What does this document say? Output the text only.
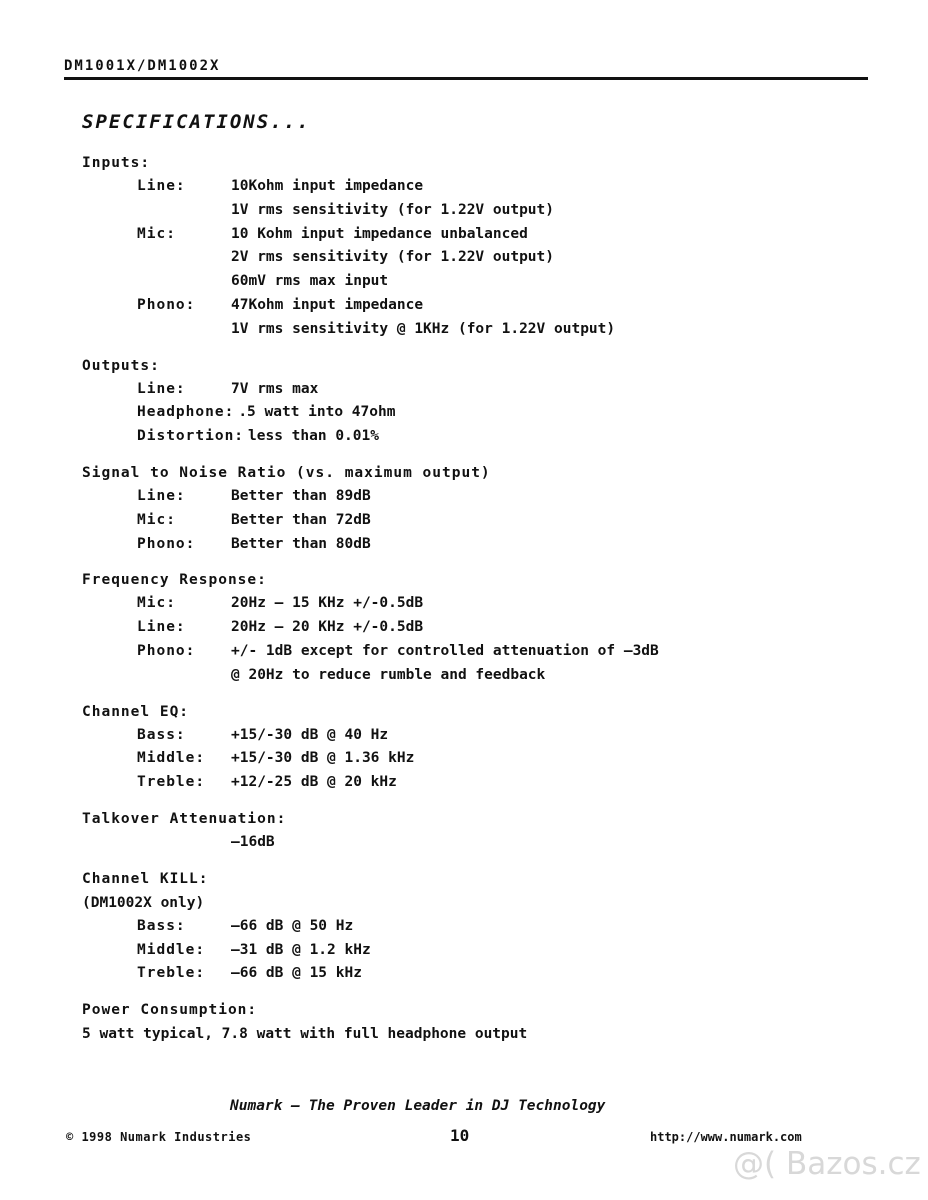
DM1001X/DM1002X
SPECIFICATIONS...
Inputs:
Line:	10Kohm input impedance
1V rms sensitivity (for 1.22V output)
Mic:	10 Kohm input impedance unbalanced
2V rms sensitivity (for 1.22V output)
60mV rms max input
Phono:	47Kohm input impedance
1V rms sensitivity @ 1KHz (for 1.22V output)
Outputs:
Line:	7V rms max
Headphone: .5 watt into 47ohm
Distortion: less than 0.01%
Signal to Noise Ratio (vs. maximum output)
Line:	Better than 89dB
Mic:	Better than 72dB
Phono:	Better than 80dB
Frequency Response:
Mic:	20Hz – 15 KHz +/-0.5dB
Line:	20Hz – 20 KHz +/-0.5dB
Phono:	+/- 1dB except for controlled attenuation of –3dB
@ 20Hz to reduce rumble and feedback
Channel EQ:
Bass:	+15/-30 dB @ 40 Hz
Middle:	+15/-30 dB @ 1.36 kHz
Treble:	+12/-25 dB @ 20 kHz
Talkover Attenuation:
–16dB
Channel KILL:
(DM1002X only)
Bass:	–66 dB @ 50 Hz
Middle:	–31 dB @ 1.2 kHz
Treble:	–66 dB @ 15 kHz
Power Consumption:
5 watt typical, 7.8 watt with full headphone output
Numark – The Proven Leader in DJ Technology
© 1998 Numark Industries	10	http://www.numark.com
@( Bazos.cz
